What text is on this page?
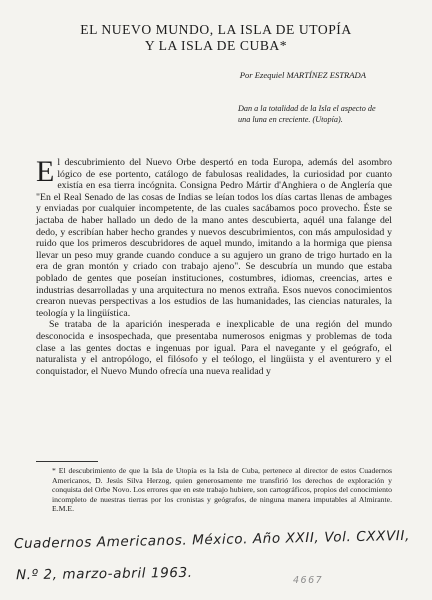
EL NUEVO MUNDO, LA ISLA DE UTOPÍA
Y LA ISLA DE CUBA*
Por Ezequiel MARTÍNEZ ESTRADA
Dan a la totalidad de la Isla el aspecto de una luna en creciente. (Utopía).

El descubrimiento del Nuevo Orbe despertó en toda Europa, además del asombro lógico de ese portento, catálogo de fabulosas realidades, la curiosidad por cuanto existía en esa tierra incógnita. Consigna Pedro Mártir d'Anghiera o de Anglería que "En el Real Senado de las cosas de Indias se leían todos los días cartas llenas de ambages y enviadas por cualquier incompetente, de las cuales sacábamos poco provecho. Éste se jactaba de haber hallado un dedo de la mano antes descubierta, aquél una falange del dedo, y escribían haber hecho grandes y nuevos descubrimientos, con más ampulosidad y ruido que los primeros descubridores de aquel mundo, imitando a la hormiga que piensa llevar un peso muy grande cuando conduce a su agujero un grano de trigo hurtado en la era de gran montón y criado con trabajo ajeno". Se descubría un mundo que estaba poblado de gentes que poseían instituciones, costumbres, idiomas, creencias, artes e industrias desarrolladas y una arquitectura no menos extraña. Esos nuevos conocimientos crearon nuevas perspectivas a los estudios de las humanidades, las ciencias naturales, la teología y la lingüística.

Se trataba de la aparición inesperada e inexplicable de una región del mundo desconocida e insospechada, que presentaba numerosos enigmas y problemas de toda clase a las gentes doctas e ingenuas por igual. Para el navegante y el geógrafo, el naturalista y el antropólogo, el filósofo y el teólogo, el lingüista y el aventurero y el conquistador, el Nuevo Mundo ofrecía una nueva realidad y

* El descubrimiento de que la Isla de Utopía es la Isla de Cuba, pertenece al director de estos Cuadernos Americanos, D. Jesús Silva Herzog, quien generosamente me transfirió los derechos de exploración y conquista del Orbe Novo. Los errores que en este trabajo hubiere, son cartográficos, propios del conocimiento incompleto de nuestras tierras por los cronistas y geógrafos, de ninguna manera imputables al Almirante. E.M.E.
Cuadernos Americanos. México. Año XXII, Vol. CXXVII,
N.º 2, marzo-abril 1963.	4667
